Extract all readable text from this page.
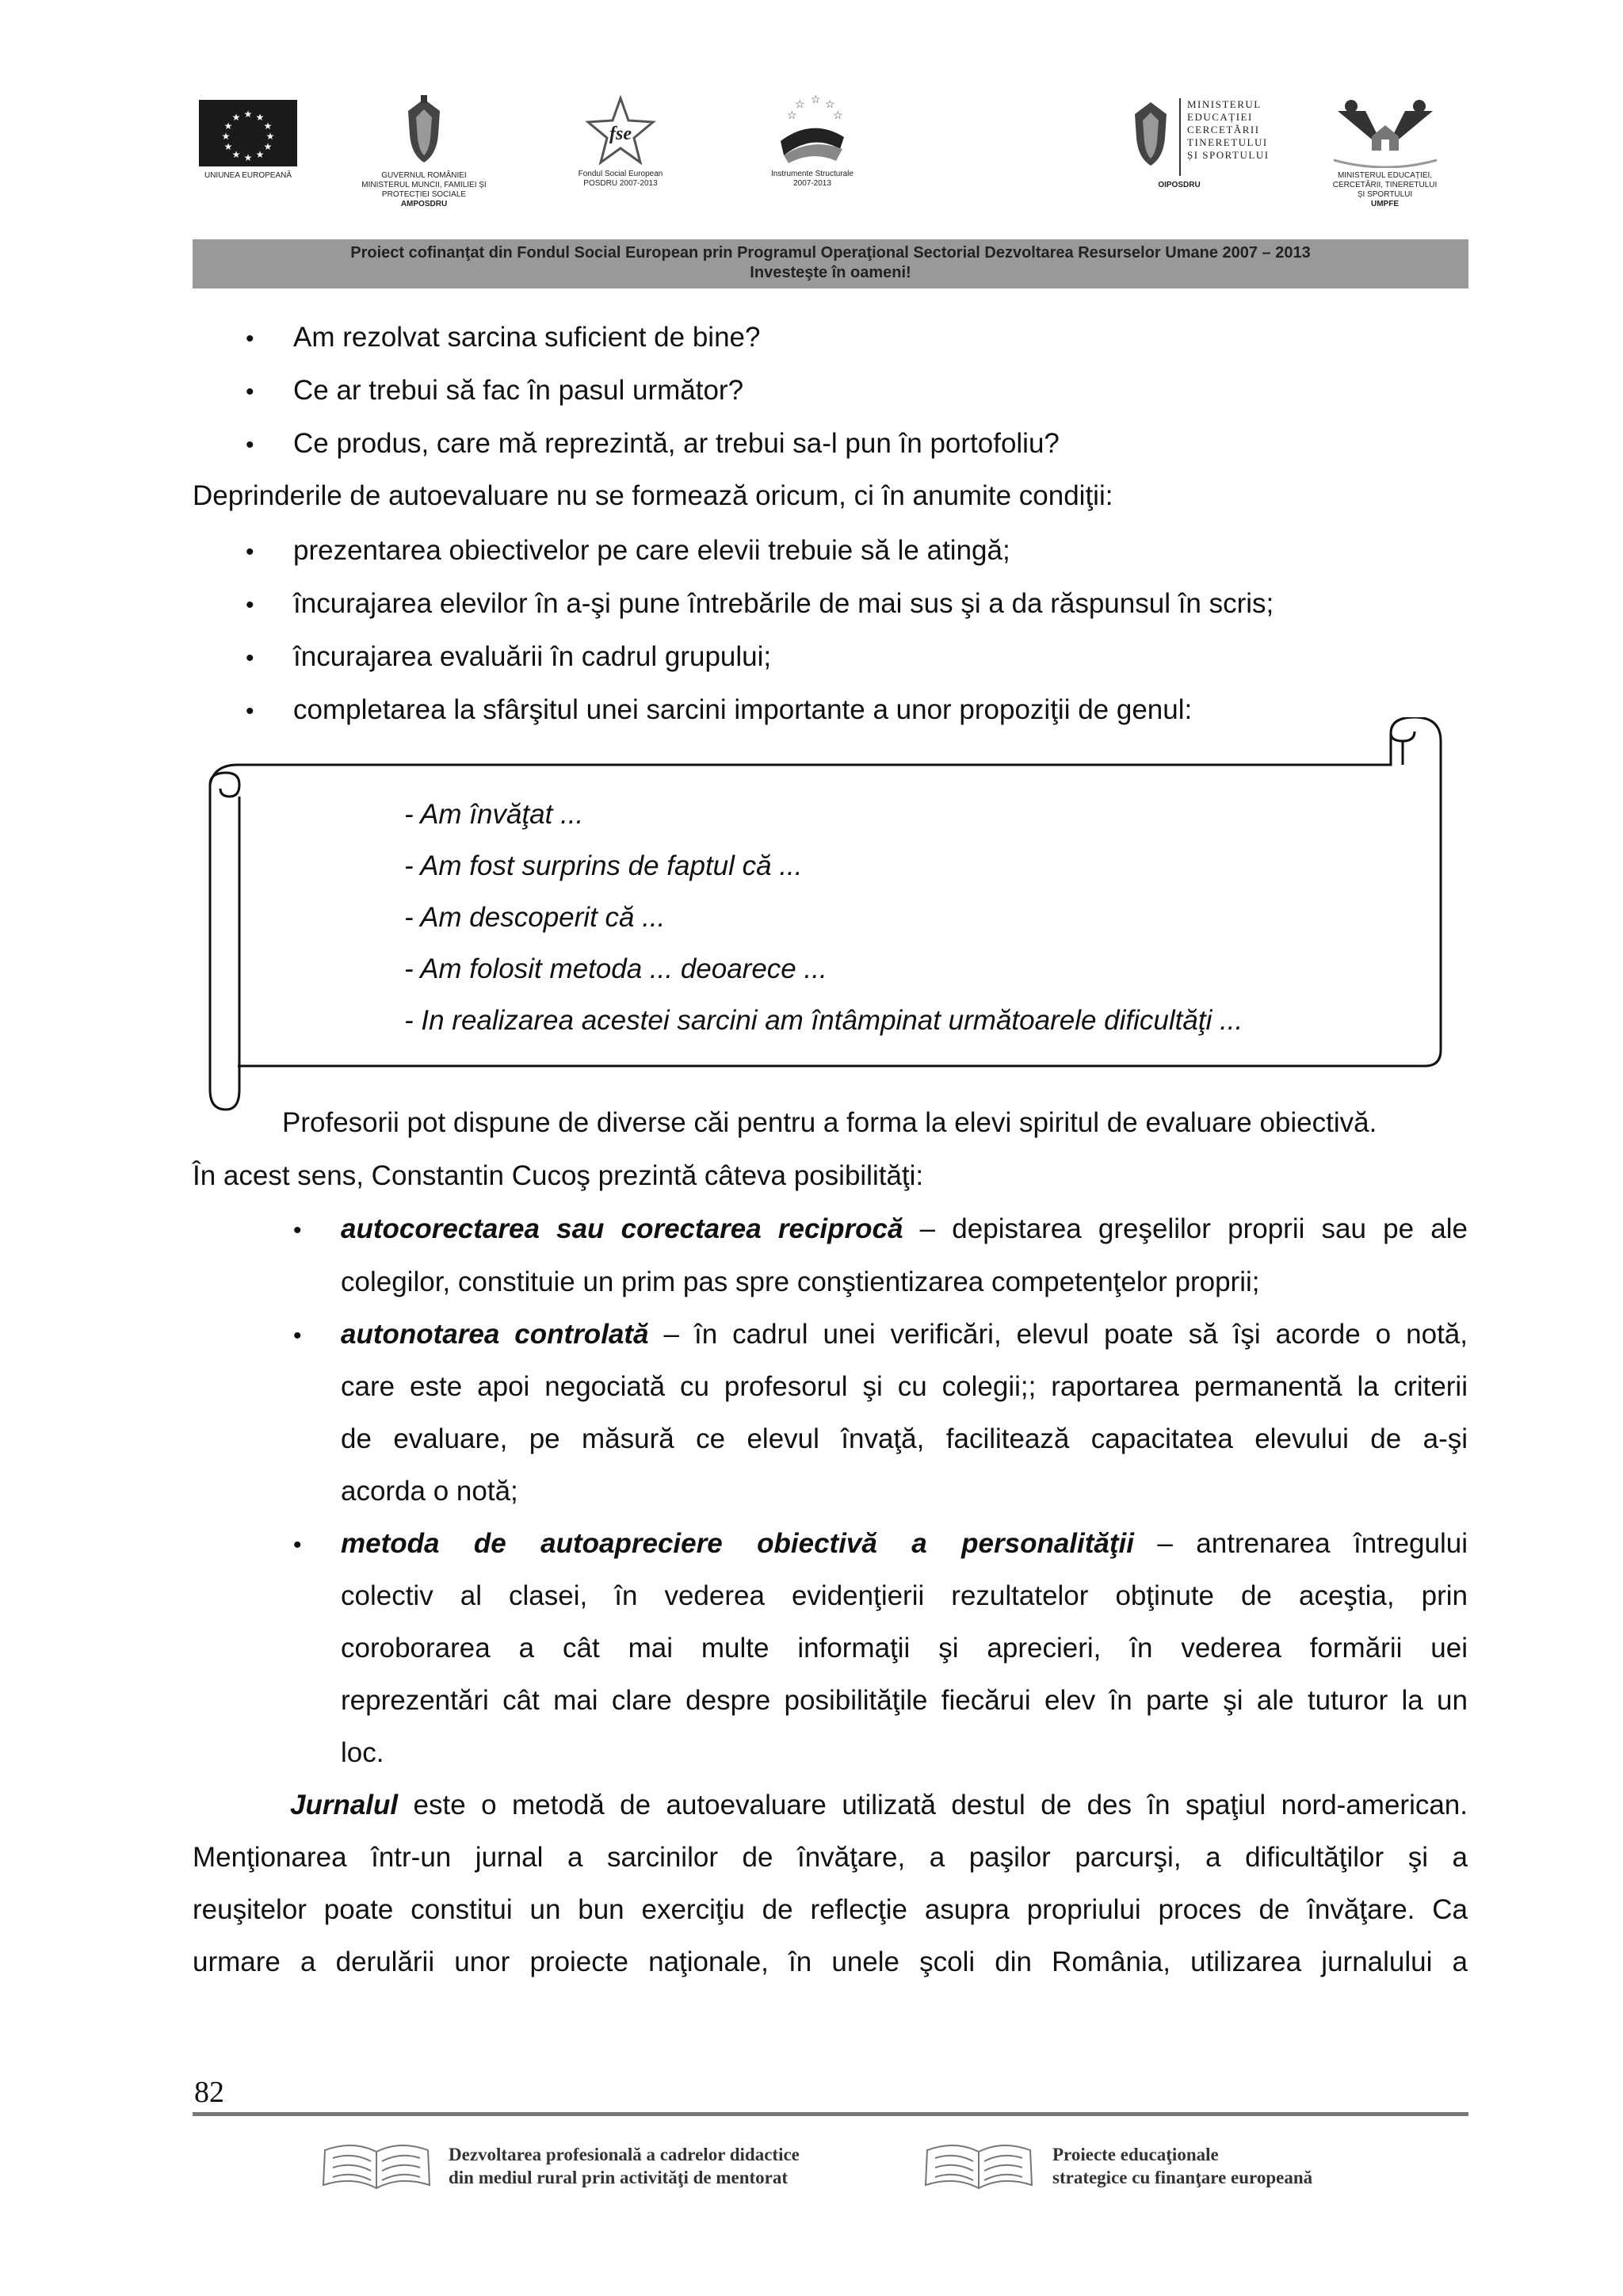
★ ★
★
★
★
★
★
★
★
★
★
★
UNIUNEA EUROPEANĂ	GUVERNUL ROMÂNIEI
MINISTERUL MUNCII, FAMILIEI ȘI
PROTECȚIEI SOCIALE
AMPOSDRU
fse
Fondul Social European
POSDRU 2007-2013
☆ ☆ ☆
☆	☆
Instrumente Structurale
2007-2013
MINISTERUL
EDUCAȚIEI
CERCETĂRII
TINERETULUI
ȘI SPORTULUI
OIPOSDRU
MINISTERUL EDUCAȚIEI,
CERCETĂRII, TINERETULUI
ȘI SPORTULUI
UMPFE
Proiect cofinanţat din Fondul Social European prin Programul Operaţional Sectorial Dezvoltarea Resurselor Umane 2007 – 2013
Investeşte în oameni!
• Am rezolvat sarcina suficient de bine?
• Ce ar trebui să fac în pasul următor?
• Ce produs, care mă reprezintă, ar trebui sa-l pun în portofoliu?
Deprinderile de autoevaluare nu se formează oricum, ci în anumite condiţii:
• prezentarea obiectivelor pe care elevii trebuie să le atingă;
• încurajarea elevilor în a-şi pune întrebările de mai sus şi a da răspunsul în scris;
• încurajarea evaluării în cadrul grupului;
• completarea la sfârşitul unei sarcini importante a unor propoziţii de genul:
- Am învăţat ...
- Am fost surprins de faptul că ...
- Am descoperit că ...
- Am folosit metoda ... deoarece ...
- In realizarea acestei sarcini am întâmpinat următoarele dificultăţi ...
Profesorii pot dispune de diverse căi pentru a forma la elevi spiritul de evaluare obiectivă.
În acest sens, Constantin Cucoş prezintă câteva posibilităţi:
• autocorectarea sau corectarea reciprocă – depistarea greşelilor proprii sau pe ale
colegilor, constituie un prim pas spre conştientizarea competenţelor proprii;
• autonotarea controlată – în cadrul unei verificări, elevul poate să îşi acorde o notă,
care este apoi negociată cu profesorul şi cu colegii;; raportarea permanentă la criterii
de evaluare, pe măsură ce elevul învaţă, facilitează capacitatea elevului de a-şi
acorda o notă;
• metoda de autoapreciere obiectivă a personalităţii – antrenarea întregului
colectiv al clasei, în vederea evidenţierii rezultatelor obţinute de aceştia, prin
coroborarea a cât mai multe informaţii şi aprecieri, în vederea formării uei
reprezentări cât mai clare despre posibilităţile fiecărui elev în parte şi ale tuturor la un
loc.
Jurnalul este o metodă de autoevaluare utilizată destul de des în spaţiul nord-american.
Menţionarea într-un jurnal a sarcinilor de învăţare, a paşilor parcurşi, a dificultăţilor şi a
reuşitelor poate constitui un bun exerciţiu de reflecţie asupra propriului proces de învăţare. Ca
urmare a derulării unor proiecte naţionale, în unele şcoli din România, utilizarea jurnalului a
82
Dezvoltarea profesională a cadrelor didactice
din mediul rural prin activităţi de mentorat
Proiecte educaţionale
strategice cu finanţare europeană
